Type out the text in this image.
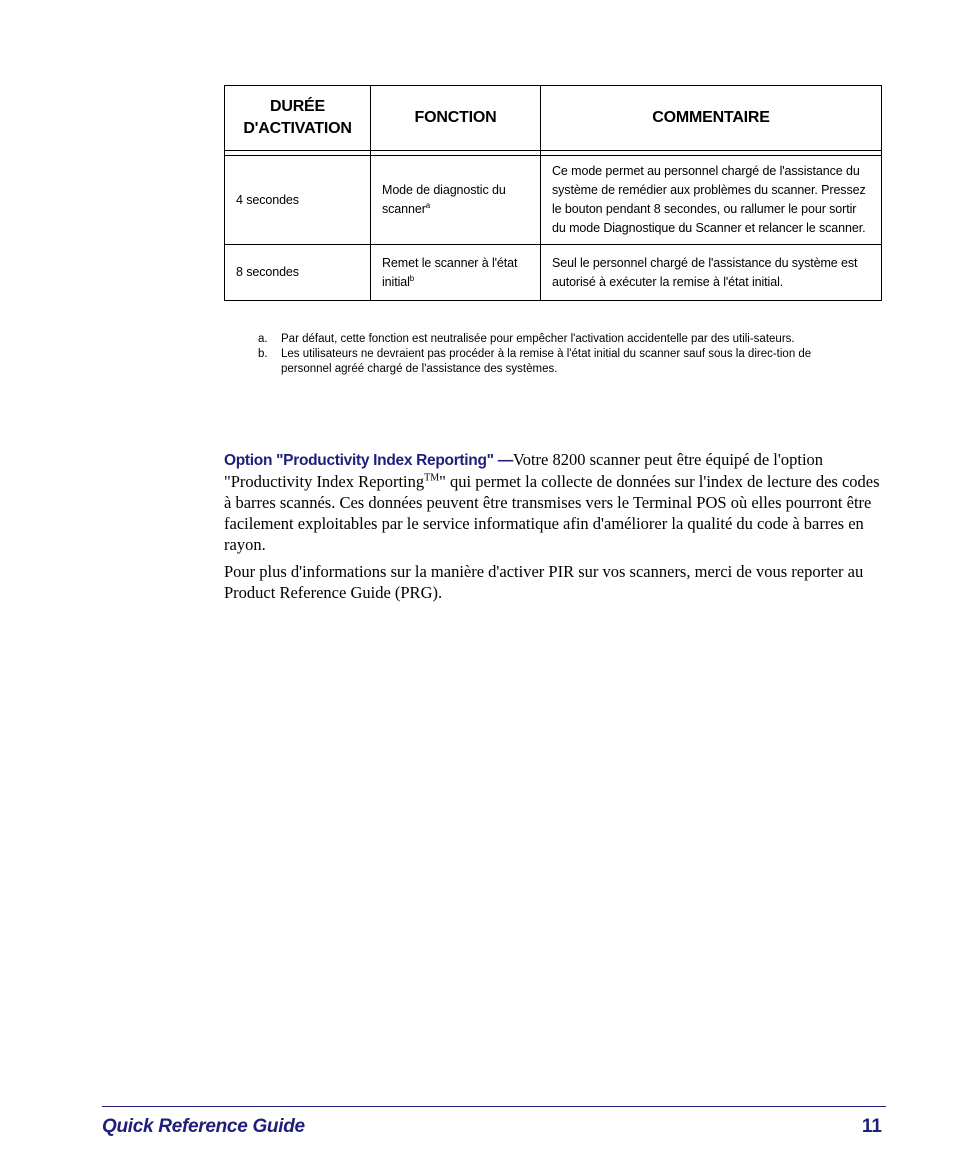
DURÉE D'ACTIVATION	FONCTION	COMMENTAIRE

4 secondes	Mode de diagnostic du scanner$^a$	Ce mode permet au personnel chargé de l'assistance du système de remédier aux problèmes du scanner. Pressez le bouton pendant 8 secondes, ou rallumer le pour sortir du mode Diagnostique du Scanner et relancer le scanner.
8 secondes	Remet le scanner à l'état initial$^b$	Seul le personnel chargé de l'assistance du système est autorisé à exécuter la remise à l'état initial.
a.	Par défaut, cette fonction est neutralisée pour empêcher l'activation accidentelle par des utili-sateurs.
b.	Les utilisateurs ne devraient pas procéder à la remise à l'état initial du scanner sauf sous la direc-tion de personnel agréé chargé de l'assistance des systèmes.

Option "Productivity Index Reporting" —Votre 8200 scanner peut être équipé de l'option "Productivity Index Reporting™" qui permet la collecte de données sur l'index de lecture des codes à barres scannés. Ces données peuvent être transmises vers le Terminal POS où elles pourront être facilement exploitables par le service informatique afin d'améliorer la qualité du code à barres en rayon.

Pour plus d'informations sur la manière d'activer PIR sur vos scanners, merci de vous reporter au Product Reference Guide (PRG).

Quick Reference Guide	11
